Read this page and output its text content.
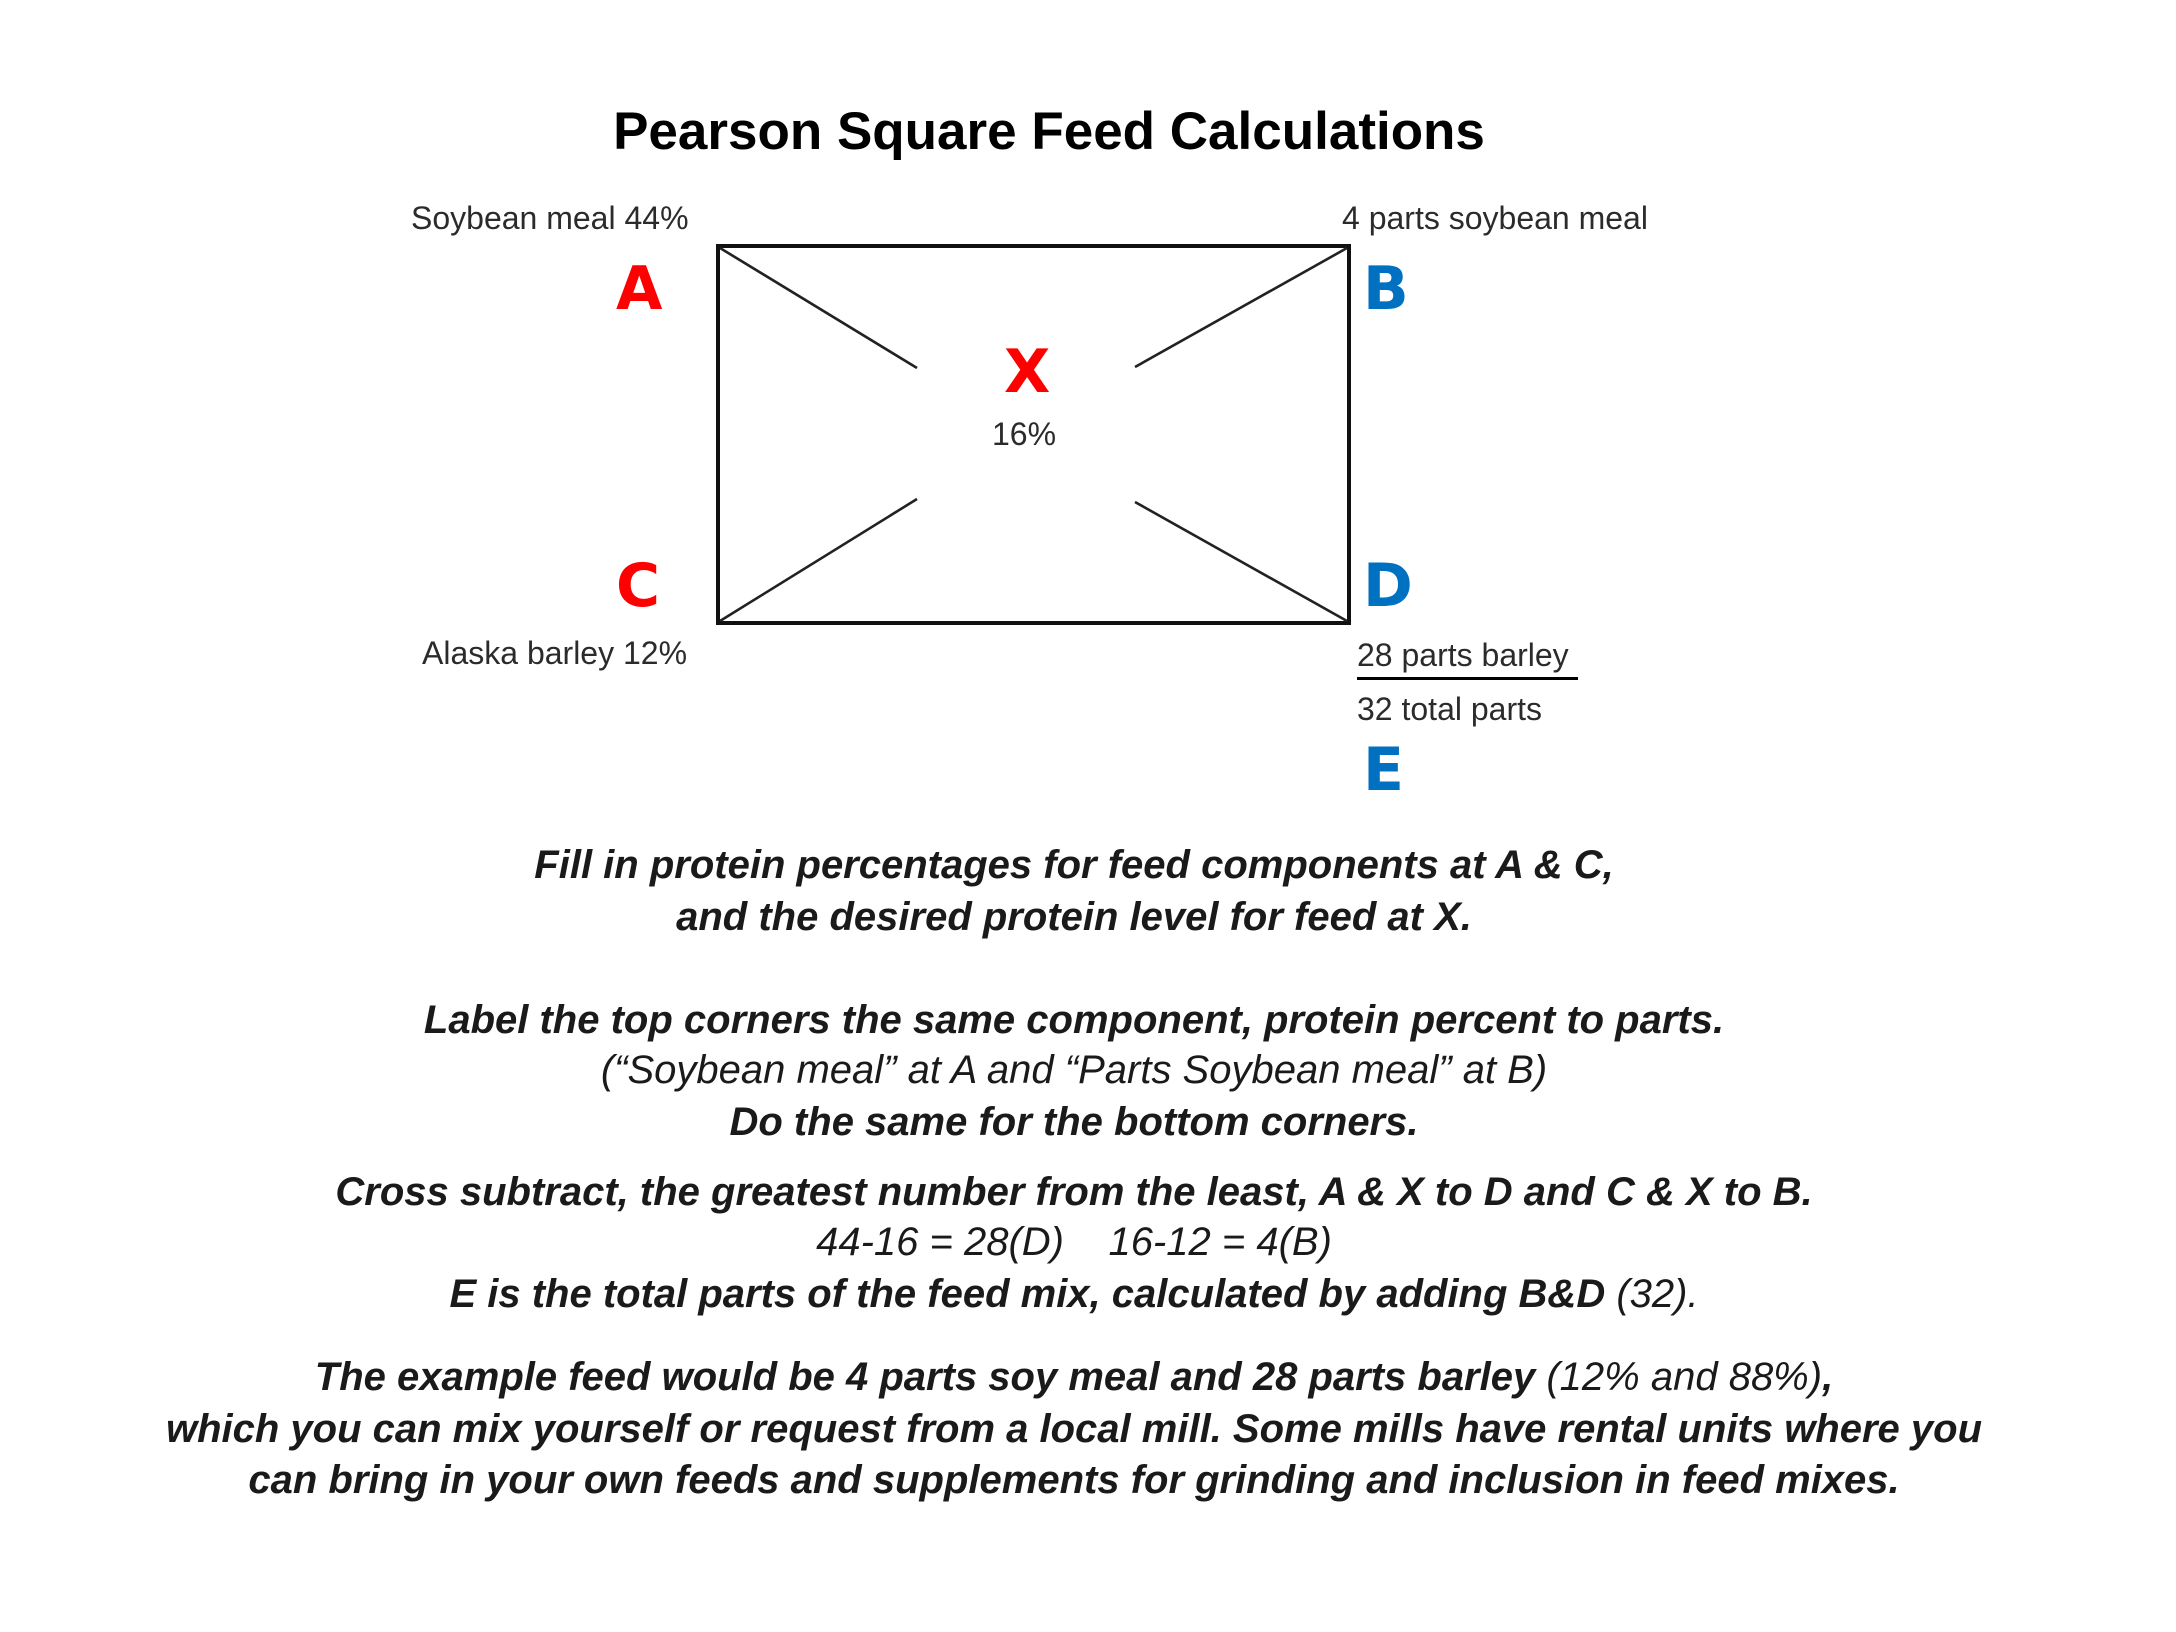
Pearson Square Feed Calculations
Soybean meal 44%
A
4 parts soybean meal
B
X
16%
C
Alaska barley 12%
D
28 parts barley
32 total parts
E
Fill in protein percentages for feed components at A & C,
and the desired protein level for feed at X.
Label the top corners the same component, protein percent to parts.
(“Soybean meal” at A and “Parts Soybean meal” at B)
Do the same for the bottom corners.
Cross subtract, the greatest number from the least, A & X to D and C & X to B.
44-16 = 28(D)    16-12 = 4(B)
E is the total parts of the feed mix, calculated by adding B&D (32).
The example feed would be 4 parts soy meal and 28 parts barley (12% and 88%),
which you can mix yourself or request from a local mill. Some mills have rental units where you
can bring in your own feeds and supplements for grinding and inclusion in feed mixes.
